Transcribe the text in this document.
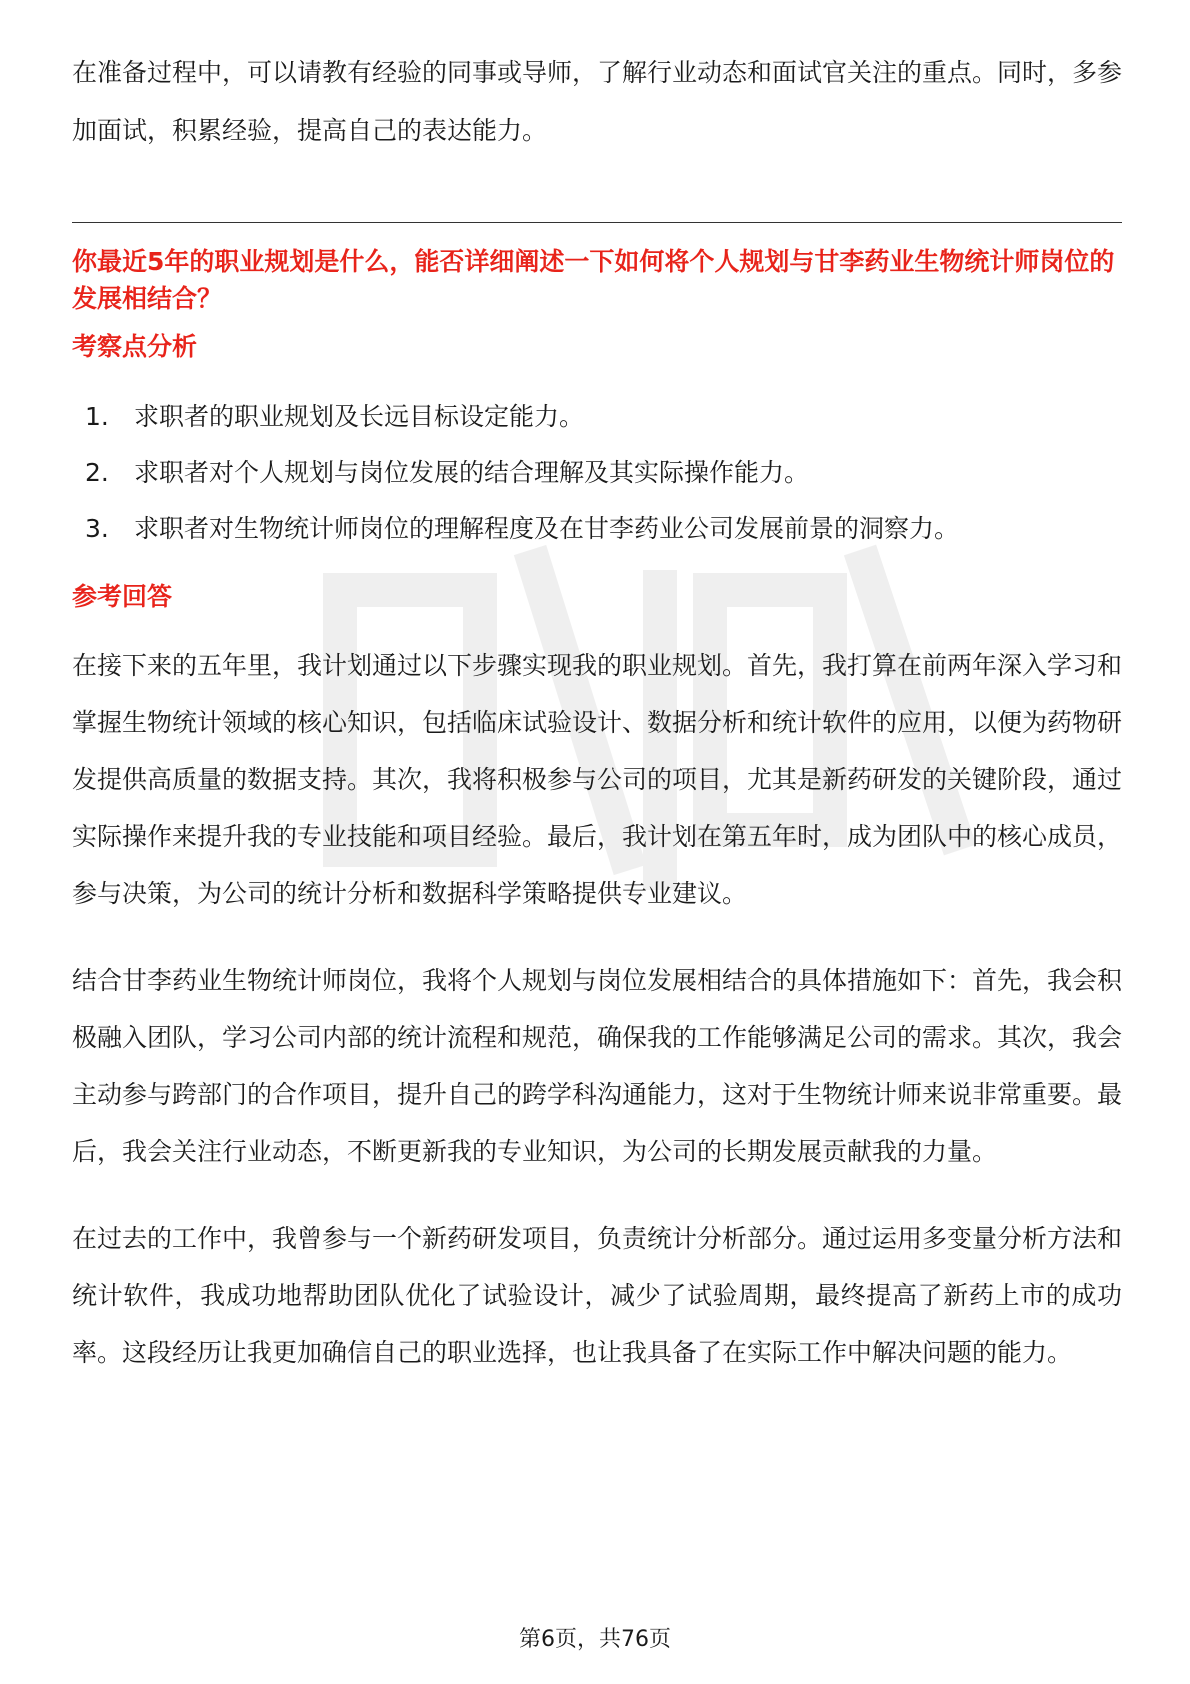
在准备过程中，可以请教有经验的同事或导师，了解行业动态和面试官关注的重点。同时，多参加面试，积累经验，提高自己的表达能力。

你最近5年的职业规划是什么，能否详细阐述一下如何将个人规划与甘李药业生物统计师岗位的发展相结合？

考察点分析
1.	求职者的职业规划及长远目标设定能力。
2.	求职者对个人规划与岗位发展的结合理解及其实际操作能力。
3.	求职者对生物统计师岗位的理解程度及在甘李药业公司发展前景的洞察力。
参考回答

在接下来的五年里，我计划通过以下步骤实现我的职业规划。首先，我打算在前两年深入学习和掌握生物统计领域的核心知识，包括临床试验设计、数据分析和统计软件的应用，以便为药物研发提供高质量的数据支持。其次，我将积极参与公司的项目，尤其是新药研发的关键阶段，通过实际操作来提升我的专业技能和项目经验。最后，我计划在第五年时，成为团队中的核心成员，参与决策，为公司的统计分析和数据科学策略提供专业建议。

结合甘李药业生物统计师岗位，我将个人规划与岗位发展相结合的具体措施如下：首先，我会积极融入团队，学习公司内部的统计流程和规范，确保我的工作能够满足公司的需求。其次，我会主动参与跨部门的合作项目，提升自己的跨学科沟通能力，这对于生物统计师来说非常重要。最后，我会关注行业动态，不断更新我的专业知识，为公司的长期发展贡献我的力量。

在过去的工作中，我曾参与一个新药研发项目，负责统计分析部分。通过运用多变量分析方法和统计软件，我成功地帮助团队优化了试验设计，减少了试验周期，最终提高了新药上市的成功率。这段经历让我更加确信自己的职业选择，也让我具备了在实际工作中解决问题的能力。

第6页，共76页
